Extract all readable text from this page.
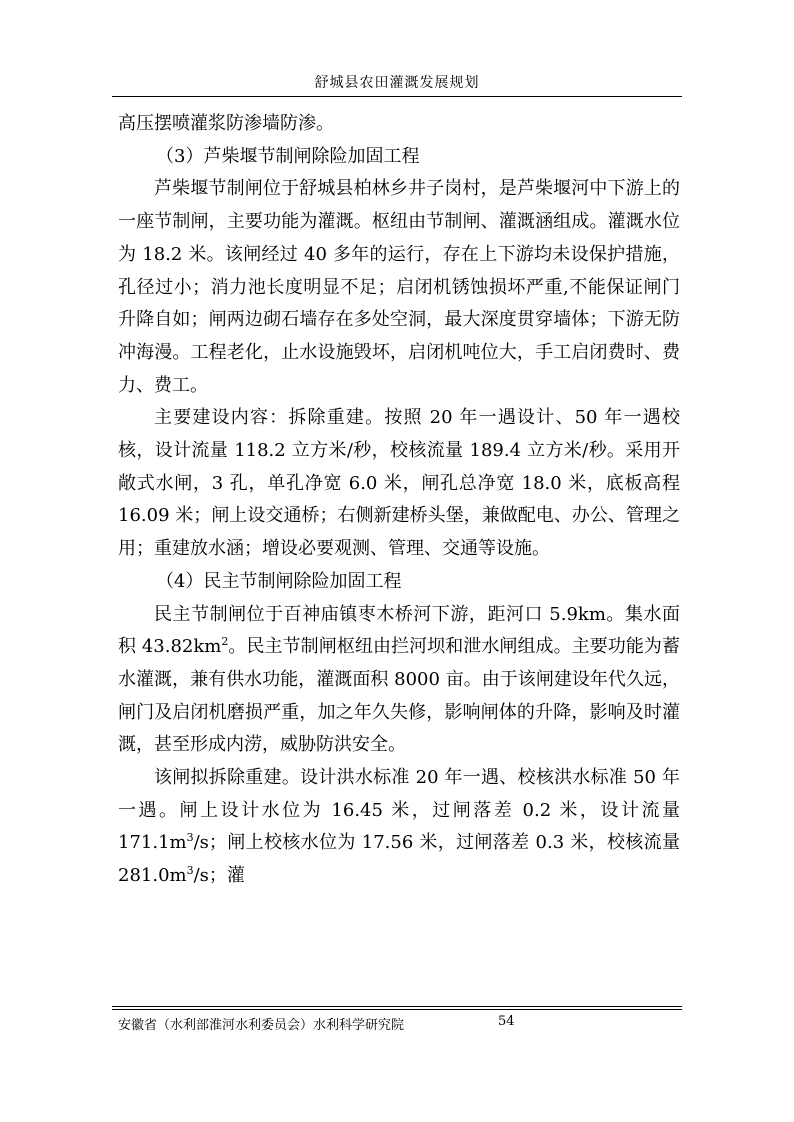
舒城县农田灌溉发展规划

高压摆喷灌浆防渗墙防渗。

（3）芦柴堰节制闸除险加固工程

芦柴堰节制闸位于舒城县柏林乡井子岗村，是芦柴堰河中下游上的一座节制闸，主要功能为灌溉。枢纽由节制闸、灌溉涵组成。灌溉水位为 18.2 米。该闸经过 40 多年的运行，存在上下游均未设保护措施，孔径过小；消力池长度明显不足；启闭机锈蚀损坏严重,不能保证闸门升降自如；闸两边砌石墙存在多处空洞，最大深度贯穿墙体；下游无防冲海漫。工程老化，止水设施毁坏，启闭机吨位大，手工启闭费时、费力、费工。

主要建设内容：拆除重建。按照 20 年一遇设计、50 年一遇校核，设计流量 118.2 立方米/秒，校核流量 189.4 立方米/秒。采用开敞式水闸，3 孔，单孔净宽 6.0 米，闸孔总净宽 18.0 米，底板高程 16.09 米；闸上设交通桥；右侧新建桥头堡，兼做配电、办公、管理之用；重建放水涵；增设必要观测、管理、交通等设施。

（4）民主节制闸除险加固工程

民主节制闸位于百神庙镇枣木桥河下游，距河口 5.9km。集水面积 $43.82km^2$。民主节制闸枢纽由拦河坝和泄水闸组成。主要功能为蓄水灌溉，兼有供水功能，灌溉面积 8000 亩。由于该闸建设年代久远，闸门及启闭机磨损严重，加之年久失修，影响闸体的升降，影响及时灌溉，甚至形成内涝，威胁防洪安全。

该闸拟拆除重建。设计洪水标准 20 年一遇、校核洪水标准 50 年一遇。闸上设计水位为 16.45 米，过闸落差 0.2 米，设计流量 $171.1m^3/s$；闸上校核水位为 17.56 米，过闸落差 0.3 米，校核流量 $281.0m^3/s$；灌

安徽省（水利部淮河水利委员会）水利科学研究院	54
